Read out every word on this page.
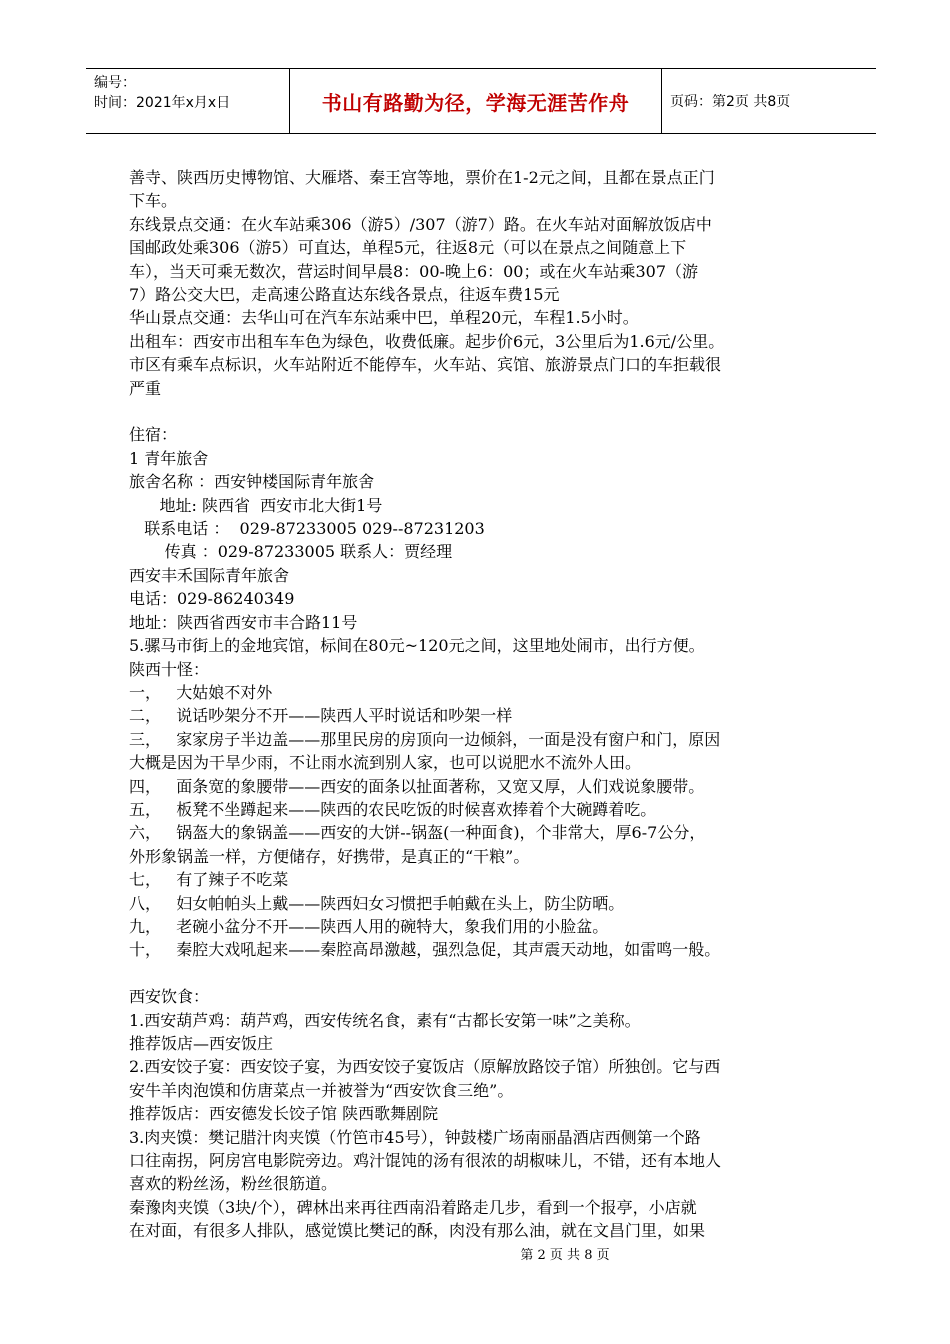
编号：
时间：2021年x月x日	书山有路勤为径，学海无涯苦作舟	页码：第2页 共8页

善寺、陕西历史博物馆、大雁塔、秦王宫等地，票价在1-2元之间，且都在景点正门

下车。

东线景点交通：在火车站乘306（游5）/307（游7）路。在火车站对面解放饭店中

国邮政处乘306（游5）可直达，单程5元，往返8元（可以在景点之间随意上下

车），当天可乘无数次，营运时间早晨8：00-晚上6：00；或在火车站乘307（游

7）路公交大巴，走高速公路直达东线各景点，往返车费15元

华山景点交通：去华山可在汽车东站乘中巴，单程20元，车程1.5小时。

出租车：西安市出租车车色为绿色，收费低廉。起步价6元，3公里后为1.6元/公里。

市区有乘车点标识，火车站附近不能停车，火车站、宾馆、旅游景点门口的车拒载很

严重

住宿：

1 青年旅舍

旅舍名称 ：西安钟楼国际青年旅舍

地址: 陕西省  西安市北大街1号

联系电话 ：  029-87233005 029--87231203

传真 ：029-87233005 联系人：贾经理

西安丰禾国际青年旅舍

电话：029-86240349

地址：陕西省西安市丰合路11号

5.骡马市街上的金地宾馆，标间在80元~120元之间，这里地处闹市，出行方便。

陕西十怪：

一，   大姑娘不对外

二，   说话吵架分不开——陕西人平时说话和吵架一样

三，   家家房子半边盖——那里民房的房顶向一边倾斜，一面是没有窗户和门，原因

大概是因为干旱少雨，不让雨水流到别人家，也可以说肥水不流外人田。

四，   面条宽的象腰带——西安的面条以扯面著称，又宽又厚，人们戏说象腰带。

五，   板凳不坐蹲起来——陕西的农民吃饭的时候喜欢捧着个大碗蹲着吃。

六，   锅盔大的象锅盖——西安的大饼--锅盔(一种面食)，个非常大，厚6-7公分，

外形象锅盖一样，方便储存，好携带，是真正的“干粮”。

七，   有了辣子不吃菜

八，   妇女帕帕头上戴——陕西妇女习惯把手帕戴在头上，防尘防晒。

九，   老碗小盆分不开——陕西人用的碗特大，象我们用的小脸盆。

十，   秦腔大戏吼起来——秦腔高昂激越，强烈急促，其声震天动地，如雷鸣一般。

西安饮食：

1.西安葫芦鸡：葫芦鸡，西安传统名食，素有“古都长安第一味”之美称。

推荐饭店—西安饭庄

2.西安饺子宴：西安饺子宴，为西安饺子宴饭店（原解放路饺子馆）所独创。它与西

安牛羊肉泡馍和仿唐菜点一并被誉为“西安饮食三绝”。

推荐饭店：西安德发长饺子馆 陕西歌舞剧院

3.肉夹馍：樊记腊汁肉夹馍（竹笆市45号），钟鼓楼广场南丽晶酒店西侧第一个路

口往南拐，阿房宫电影院旁边。鸡汁馄饨的汤有很浓的胡椒味儿，不错，还有本地人

喜欢的粉丝汤，粉丝很筋道。

秦豫肉夹馍（3块/个），碑林出来再往西南沿着路走几步，看到一个报亭，小店就

在对面，有很多人排队，感觉馍比樊记的酥，肉没有那么油，就在文昌门里，如果

第 2 页 共 8 页
